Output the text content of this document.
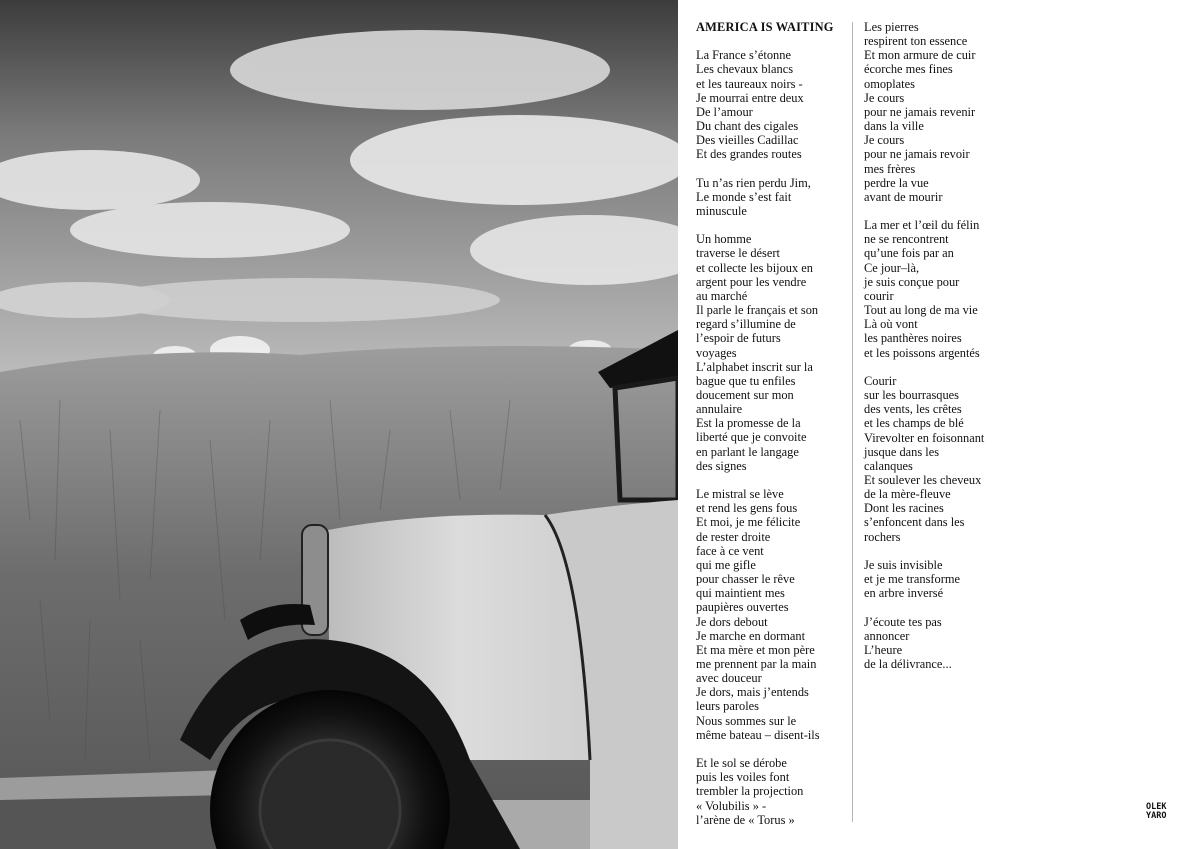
AMERICA IS WAITING

La France s’étonne
Les chevaux blancs
et les taureaux noirs -
Je mourrai entre deux
De l’amour
Du chant des cigales
Des vieilles Cadillac
Et des grandes routes
Tu n’as rien perdu Jim,
Le monde s’est fait
minuscule
Un homme
traverse le désert
et collecte les bijoux en
argent pour les vendre
au marché
Il parle le français et son
regard s’illumine de
l’espoir de futurs
voyages
L’alphabet inscrit sur la
bague que tu enfiles
doucement sur mon
annulaire
Est la promesse de la
liberté que je convoite
en parlant le langage
des signes
Le mistral se lève
et rend les gens fous
Et moi, je me félicite
de rester droite
face à ce vent
qui me gifle
pour chasser le rêve
qui maintient mes
paupières ouvertes
Je dors debout
Je marche en dormant
Et ma mère et mon père
me prennent par la main
avec douceur
Je dors, mais j’entends
leurs paroles
Nous sommes sur le
même bateau – disent-ils
Et le sol se dérobe
puis les voiles font
trembler la projection
« Volubilis » -
l’arène de « Torus »
Les pierres
respirent ton essence
Et mon armure de cuir
écorche mes fines
omoplates
Je cours
pour ne jamais revenir
dans la ville
Je cours
pour ne jamais revoir
mes frères
perdre la vue
avant de mourir
La mer et l’œil du félin
ne se rencontrent
qu’une fois par an
Ce jour–là,
je suis conçue pour
courir
Tout au long de ma vie
Là où vont
les panthères noires
et les poissons argentés
Courir
sur les bourrasques
des vents, les crêtes
et les champs de blé
Virevolter en foisonnant
jusque dans les
calanques
Et soulever les cheveux
de la mère-fleuve
Dont les racines
s’enfoncent dans les
rochers
Je suis invisible
et je me transforme
en arbre inversé
J’écoute tes pas
annoncer
L’heure
de la délivrance...
OLEK
YARO
